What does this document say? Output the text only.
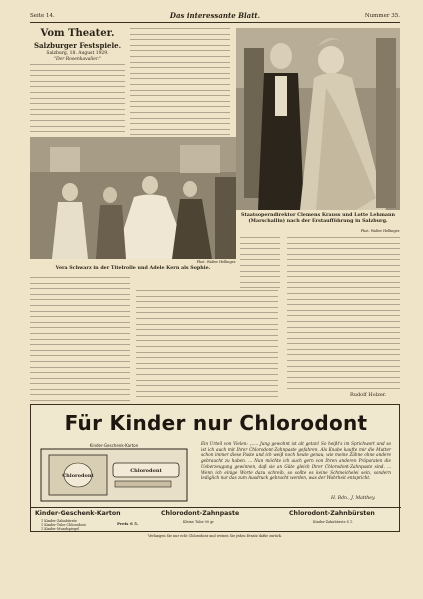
Seite 14.	Das interessante Blatt.	Nummer 35.
Vom Theater.
Salzburger Festspiele.
Salzburg, 18. August 1929.
"Der Rosenkavalier."
Staatsoperndirektor Clemens Krauss und Lotte Lehmann (Marschallin) nach der Erstaufführung in Salzburg.
Phot. Walter Hellinger.
Phot. Walter Hellinger.
Vera Schwarz in der Titelrolle und Adele Kern als Sophie.
Rudolf Holzer.
Für Kinder nur Chlorodont
Chlorodont
Chlorodont
Kinder-Geschenk-Karton	Ein Urteil von Vielen: „..... Jung gewohnt ist alt getan! So heißt's im Sprichwort und so ist ich auch mit Ihrer Chlorodont-Zahnpaste gefahren. Als Knabe kaufte mir die Mutter schon immer diese Paste und ich weiß noch heute genau, wie meine Zähne ohne andere gebraucht zu haben. ... Nun möchte ich auch gern von Ihren anderen Präparaten die Ueberzeugung gewinnen, daß sie an Güte gleich Ihrer Chlorodont-Zahnpaste sind. ... Wenn ich einige Worte dazu schreib, so sollte es keine Schmeichelei sein, sondern lediglich nur das zum Ausdruck gebracht werden, was der Wahrheit entspricht.
H. Bdn., J. Matthey.
Kinder-Geschenk-Karton
1 Kinder-Zahnbürste
1 Kinder-Tube Chlorodont
1 Kinder-Mundspiegel
Preis S 5.
Chlorodont-Zahnpaste
Kleine Tube 90 gr
Chlorodont-Zahnbürsten
Kinder-Zahnbürste S 1.
Verlangen Sie nur echt Chlorodont und weisen Sie jeden Ersatz dafür zurück.
